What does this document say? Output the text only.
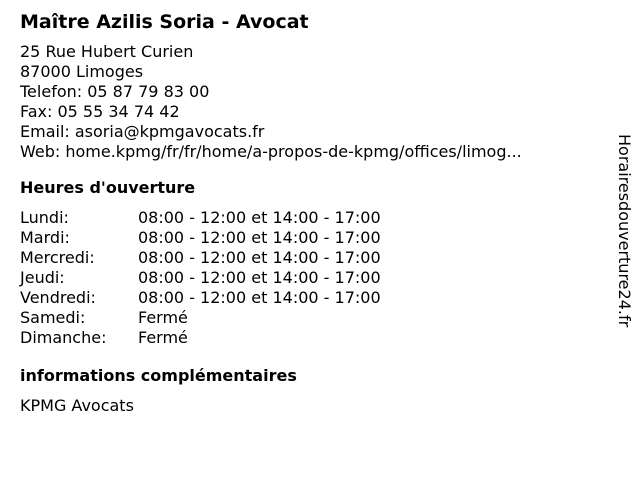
Maître Azilis Soria - Avocat
25 Rue Hubert Curien
87000 Limoges
Telefon: 05 87 79 83 00
Fax: 05 55 34 74 42
Email: asoria@kpmgavocats.fr
Web: home.kpmg/fr/fr/home/a-propos-de-kpmg/offices/limog...
Heures d'ouverture
Lundi:	08:00 - 12:00 et 14:00 - 17:00
Mardi:	08:00 - 12:00 et 14:00 - 17:00
Mercredi:	08:00 - 12:00 et 14:00 - 17:00
Jeudi:	08:00 - 12:00 et 14:00 - 17:00
Vendredi:	08:00 - 12:00 et 14:00 - 17:00
Samedi:	Fermé
Dimanche:	Fermé
informations complémentaires
KPMG Avocats
Horairesdouverture24.fr
